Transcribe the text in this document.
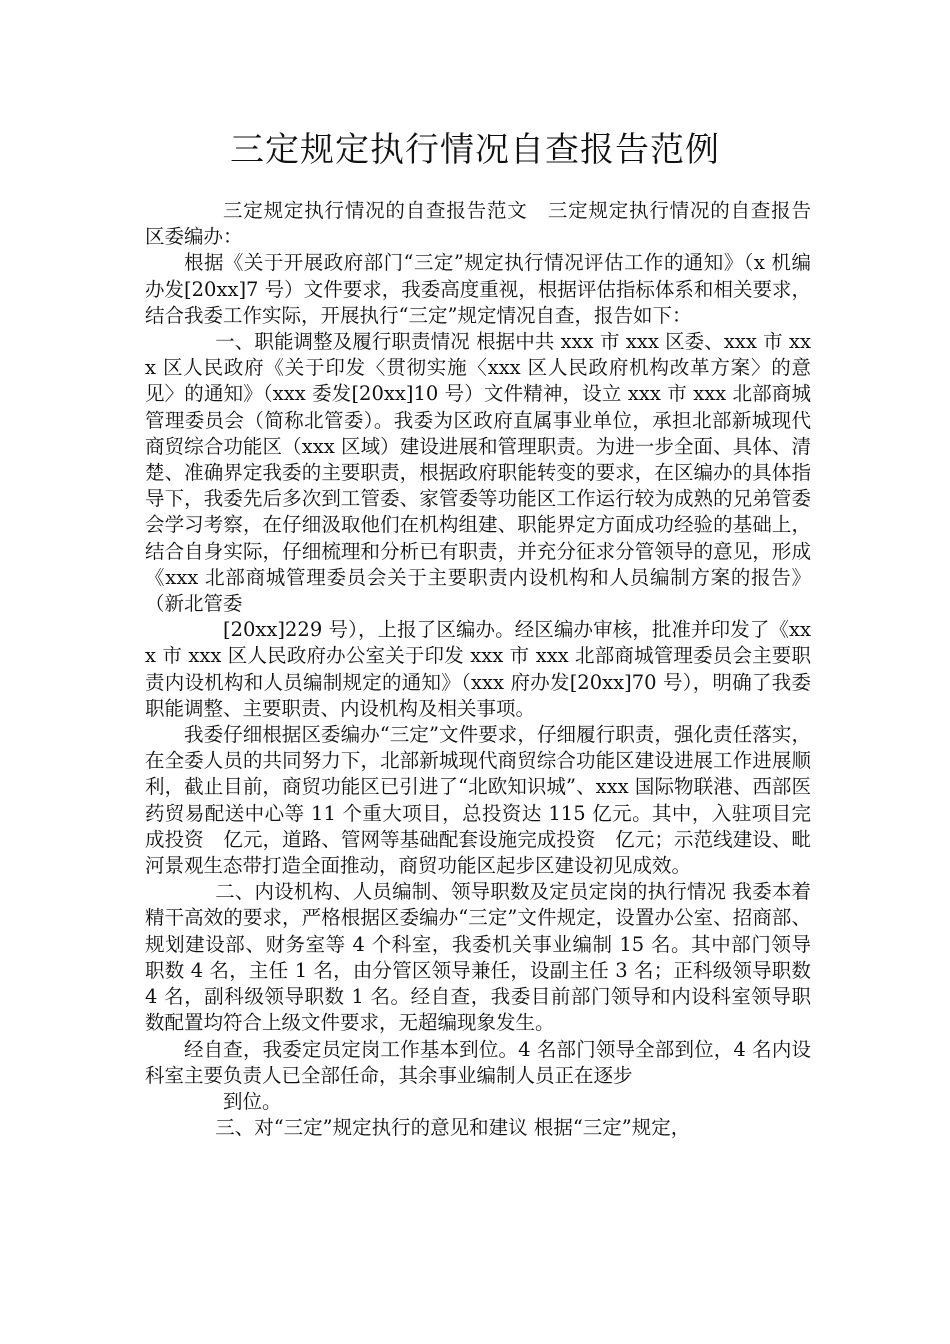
三定规定执行情况自查报告范例

三定规定执行情况的自查报告范文　三定规定执行情况的自查报告　区委编办：

根据《关于开展政府部门“三定”规定执行情况评估工作的通知》（x 机编办发[20xx]7 号）文件要求，我委高度重视，根据评估指标体系和相关要求，结合我委工作实际，开展执行“三定”规定情况自查，报告如下：

一、职能调整及履行职责情况 根据中共 xxx 市 xxx 区委、xxx 市 xxx 区人民政府《关于印发〈贯彻实施〈xxx 区人民政府机构改革方案〉的意见〉的通知》（xxx 委发[20xx]10 号）文件精神，设立 xxx 市 xxx 北部商城管理委员会（简称北管委）。我委为区政府直属事业单位，承担北部新城现代商贸综合功能区（xxx 区域）建设进展和管理职责。为进一步全面、具体、清楚、准确界定我委的主要职责，根据政府职能转变的要求，在区编办的具体指导下，我委先后多次到工管委、家管委等功能区工作运行较为成熟的兄弟管委会学习考察，在仔细汲取他们在机构组建、职能界定方面成功经验的基础上，结合自身实际，仔细梳理和分析已有职责，并充分征求分管领导的意见，形成《xxx 北部商城管理委员会关于主要职责内设机构和人员编制方案的报告》（新北管委

[20xx]229 号），上报了区编办。经区编办审核，批准并印发了《xxx 市 xxx 区人民政府办公室关于印发 xxx 市 xxx 北部商城管理委员会主要职责内设机构和人员编制规定的通知》（xxx 府办发[20xx]70 号），明确了我委职能调整、主要职责、内设机构及相关事项。

我委仔细根据区委编办“三定”文件要求，仔细履行职责，强化责任落实，在全委人员的共同努力下，北部新城现代商贸综合功能区建设进展工作进展顺利，截止目前，商贸功能区已引进了“北欧知识城”、xxx 国际物联港、西部医药贸易配送中心等 11 个重大项目，总投资达 115 亿元。其中，入驻项目完成投资　亿元，道路、管网等基础配套设施完成投资　亿元；示范线建设、毗河景观生态带打造全面推动，商贸功能区起步区建设初见成效。

二、内设机构、人员编制、领导职数及定员定岗的执行情况 我委本着精干高效的要求，严格根据区委编办“三定”文件规定，设置办公室、招商部、规划建设部、财务室等 4 个科室，我委机关事业编制 15 名。其中部门领导职数 4 名，主任 1 名，由分管区领导兼任，设副主任 3 名；正科级领导职数 4 名，副科级领导职数 1 名。经自查，我委目前部门领导和内设科室领导职数配置均符合上级文件要求，无超编现象发生。

经自查，我委定员定岗工作基本到位。4 名部门领导全部到位，4 名内设科室主要负责人已全部任命，其余事业编制人员正在逐步

到位。

三、对“三定”规定执行的意见和建议 根据“三定”规定，
